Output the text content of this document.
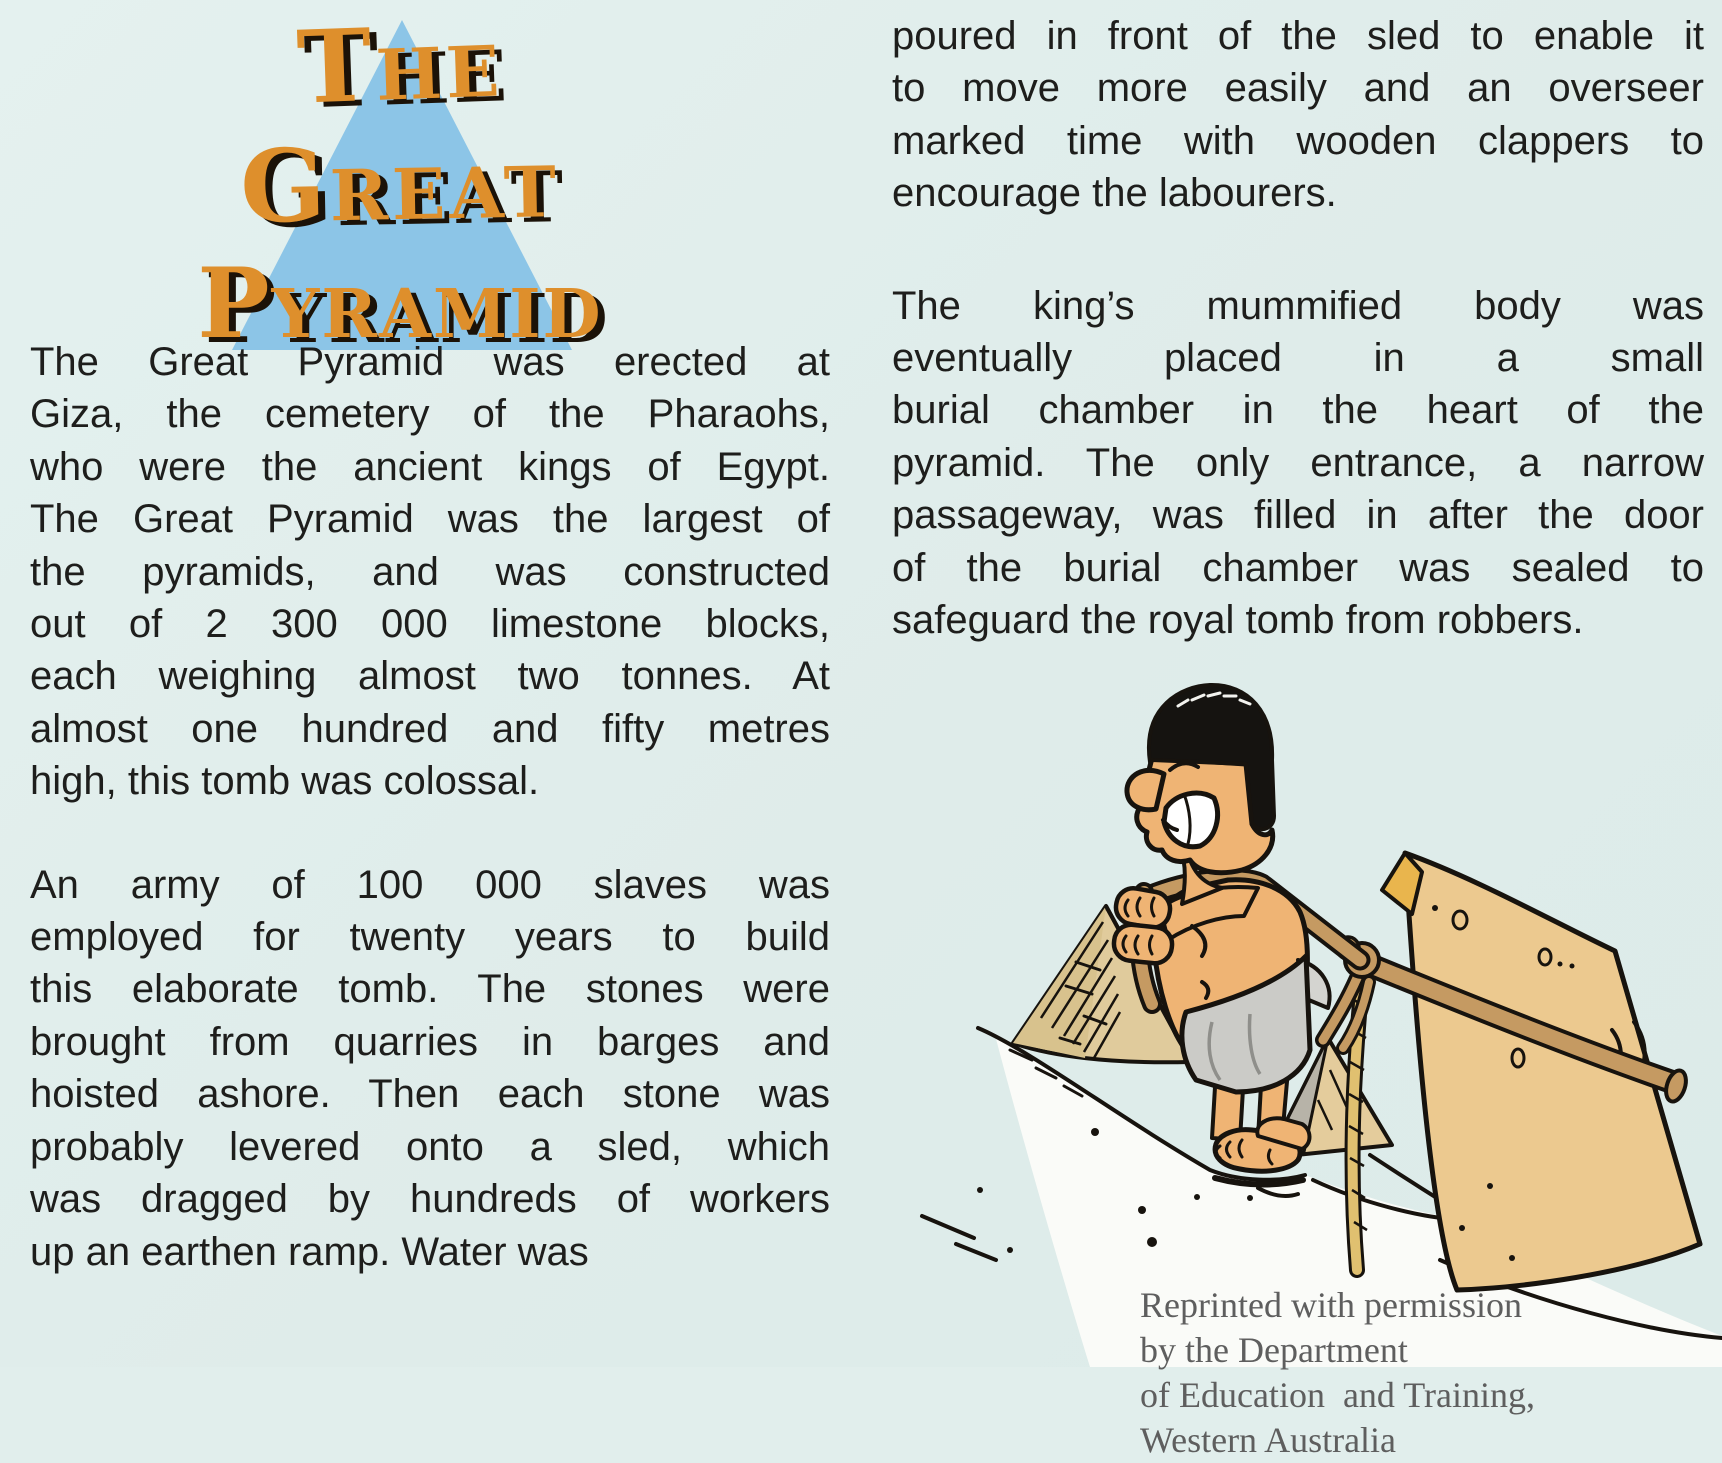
The
Great
Pyramid
The Great Pyramid was erected at
Giza, the cemetery of the Pharaohs,
who were the ancient kings of Egypt.
The Great Pyramid was the largest of
the pyramids, and was constructed
out of 2 300 000 limestone blocks,
each weighing almost two tonnes. At
almost one hundred and fifty metres
high, this tomb was colossal.
An army of 100 000 slaves was
employed for twenty years to build
this elaborate tomb. The stones were
brought from quarries in barges and
hoisted ashore. Then each stone was
probably levered onto a sled, which
was dragged by hundreds of workers
up an earthen ramp. Water was
poured in front of the sled to enable it
to move more easily and an overseer
marked time with wooden clappers to
encourage the labourers.
The king’s mummified body was
eventually placed in a small
burial chamber in the heart of the
pyramid. The only entrance, a narrow
passageway, was filled in after the door
of the burial chamber was sealed to
safeguard the royal tomb from robbers.
Reprinted with permission by the Department
of Education  and Training, Western Australia
